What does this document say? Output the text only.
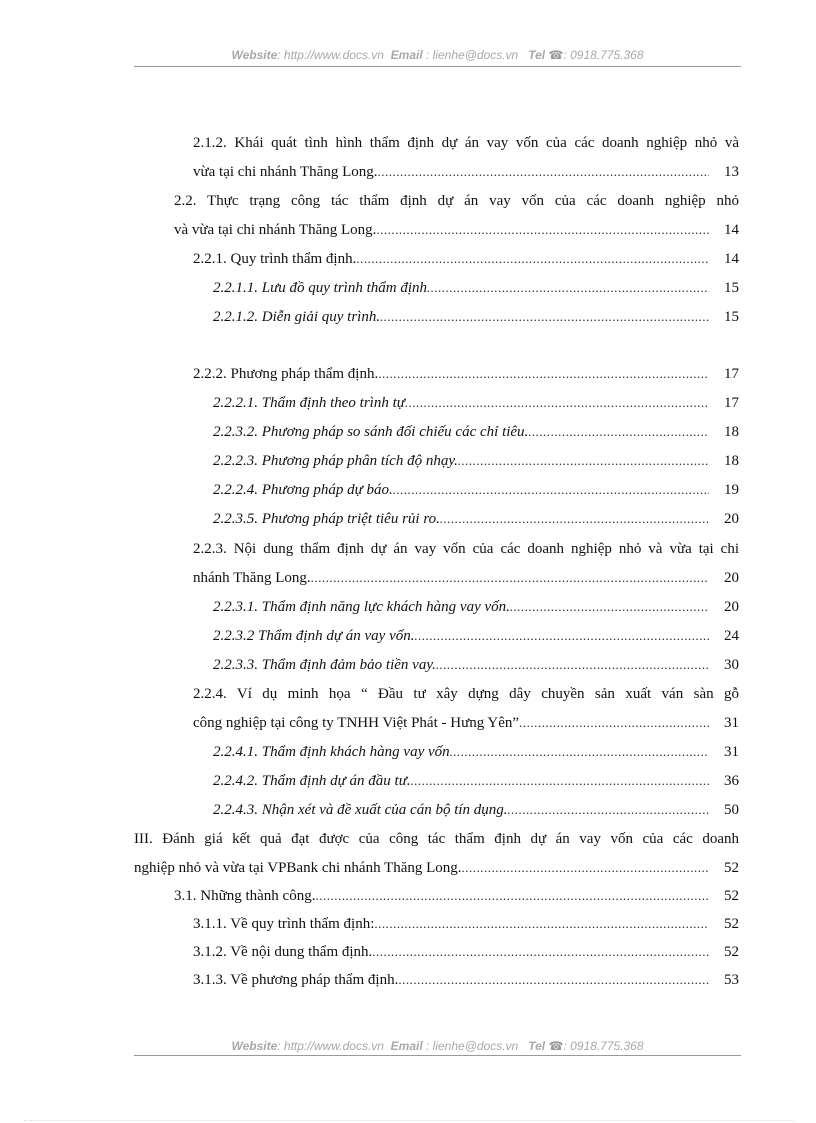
Website: http://www.docs.vn Email : lienhe@docs.vn Tel ☎: 0918.775.368
2.1.2. Khái quát tình hình thẩm định dự án vay vốn của các doanh nghiệp nhỏ và
vừa tại chi nhánh Thăng Long. .....	13
2.2. Thực trạng công tác thẩm định dự án vay vốn của các doanh nghiệp nhỏ
và vừa tại chi nhánh Thăng Long. .....	14
2.2.1. Quy trình thẩm định. .....	14
2.2.1.1. Lưu đồ quy trình thẩm định .....	15
2.2.1.2. Diễn giải quy trình. .....	15
2.2.2. Phương pháp thẩm định. .....	17
2.2.2.1. Thẩm định theo trình tự .....	17
2.2.3.2. Phương pháp so sánh đối chiếu các chỉ tiêu. .....	18
2.2.2.3. Phương pháp phân tích độ nhạy. .....	18
2.2.2.4. Phương pháp dự báo. .....	19
2.2.3.5. Phương pháp triệt tiêu rủi ro. .....	20
2.2.3. Nội dung thẩm định dự án vay vốn của các doanh nghiệp nhỏ và vừa tại chi
nhánh Thăng Long. .....	20
2.2.3.1. Thẩm định năng lực khách hàng vay vốn. .....	20
2.2.3.2 Thẩm định dự án vay vốn. .....	24
2.2.3.3. Thẩm định đảm bảo tiền vay. .....	30
2.2.4. Ví dụ minh họa “ Đầu tư xây dựng dây chuyền sản xuất ván sàn gỗ
công nghiệp tại công ty TNHH Việt Phát - Hưng Yên” .....	31
2.2.4.1. Thẩm định khách hàng vay vốn .....	31
2.2.4.2. Thẩm định dự án đầu tư. .....	36
2.2.4.3. Nhận xét và đề xuất của cán bộ tín dụng. .....	50
III. Đánh giá kết quả đạt được của công tác thẩm định dự án vay vốn của các doanh
nghiệp nhỏ và vừa tại VPBank chi nhánh Thăng Long. .....	52
3.1. Những thành công. .....	52
3.1.1. Về quy trình thẩm định: .....	52
3.1.2. Về nội dung thẩm định. .....	52
3.1.3. Về phương pháp thẩm định. .....	53
Website: http://www.docs.vn Email : lienhe@docs.vn Tel ☎: 0918.775.368
